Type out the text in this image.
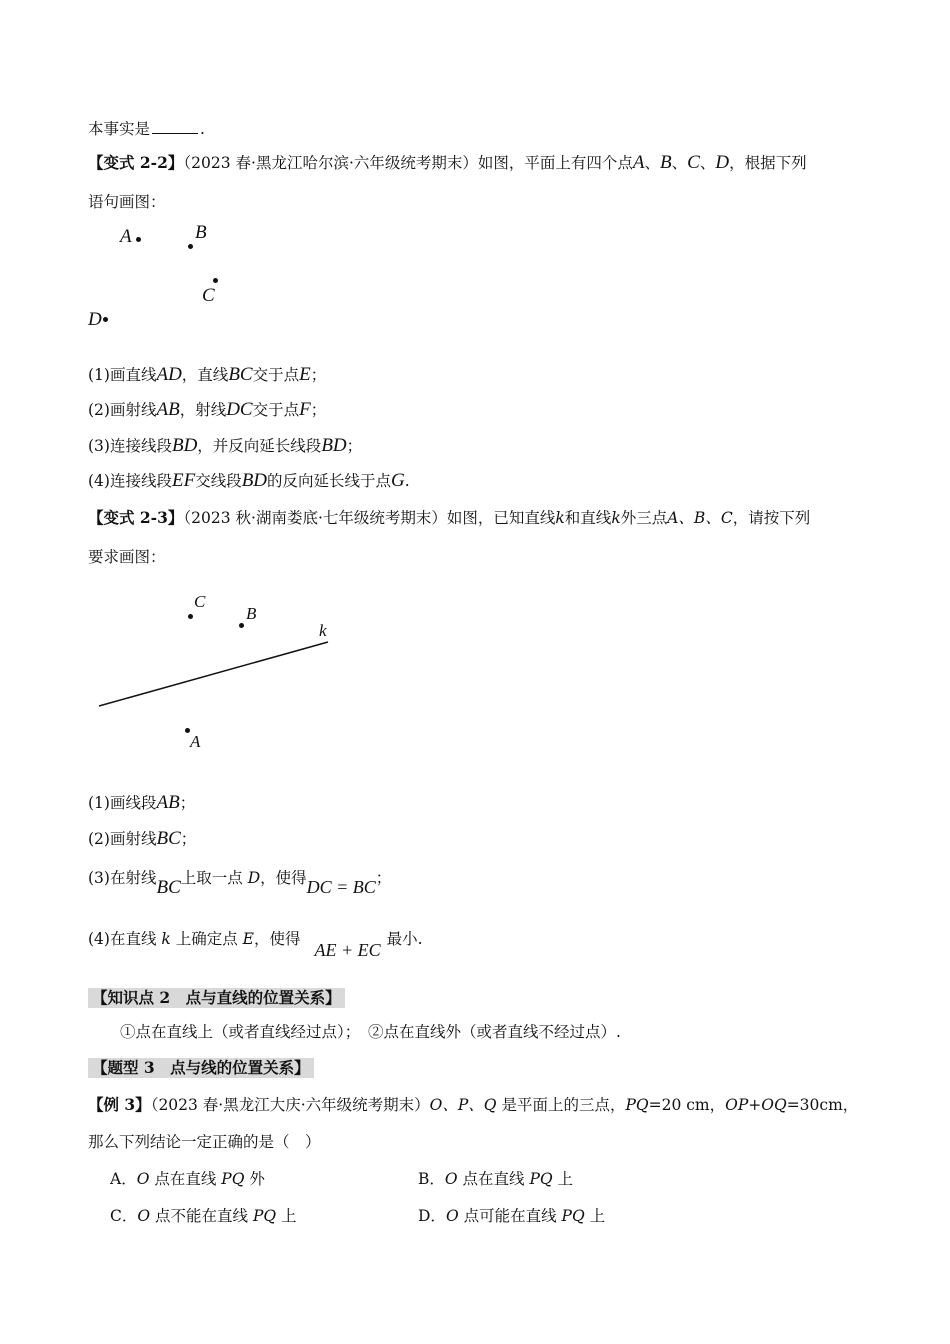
本事实是	.
【变式 2-2】（2023 春·黑龙江哈尔滨·六年级统考期末）如图，平面上有四个点A、B、C、D，根据下列
语句画图：
A	B
C
D
(1)画直线AD，直线BC交于点E；
(2)画射线AB，射线DC交于点F；
(3)连接线段BD，并反向延长线段BD；
(4)连接线段EF交线段BD的反向延长线于点G.
【变式 2-3】（2023 秋·湖南娄底·七年级统考期末）如图，已知直线k和直线k外三点A、B、C，请按下列
要求画图：
C
B
k
A
(1)画线段AB；
(2)画射线BC；
(3)在射线BC上取一点 D，使得DC = BC；
(4)在直线 k 上确定点 E，使得AE + EC最小.
【知识点 2　点与直线的位置关系】
①点在直线上（或者直线经过点）；　②点在直线外（或者直线不经过点）.
【题型 3　点与线的位置关系】
【例 3】（2023 春·黑龙江大庆·六年级统考期末）O、P、Q 是平面上的三点，PQ=20 cm，OP+OQ=30cm，
那么下列结论一定正确的是（　）
A．O 点在直线 PQ 外	B．O 点在直线 PQ 上
C．O 点不能在直线 PQ 上	D．O 点可能在直线 PQ 上
